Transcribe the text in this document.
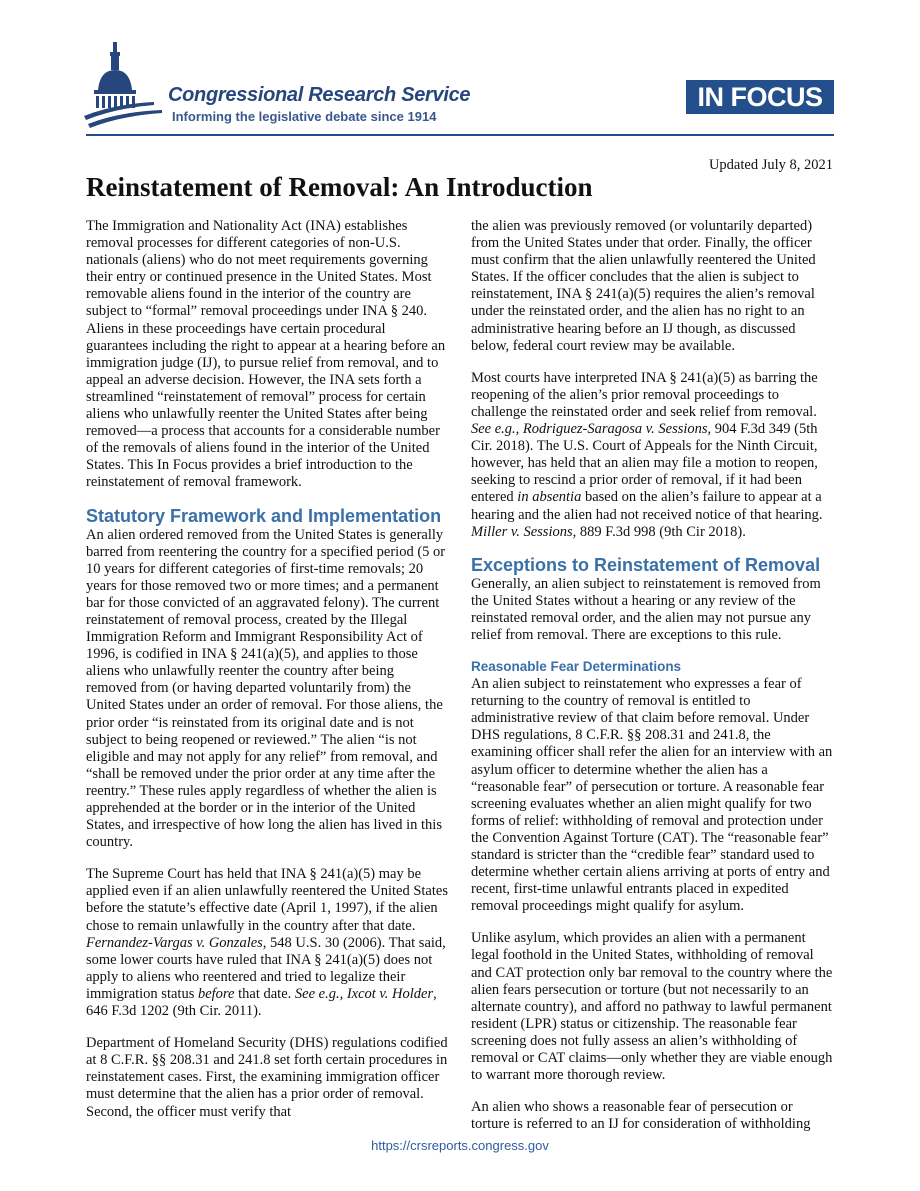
Congressional Research Service

Informing the legislative debate since 1914

IN FOCUS

Updated July 8, 2021

Reinstatement of Removal: An Introduction

The Immigration and Nationality Act (INA) establishes removal processes for different categories of non-U.S. nationals (aliens) who do not meet requirements governing their entry or continued presence in the United States. Most removable aliens found in the interior of the country are subject to “formal” removal proceedings under INA § 240. Aliens in these proceedings have certain procedural guarantees including the right to appear at a hearing before an immigration judge (IJ), to pursue relief from removal, and to appeal an adverse decision. However, the INA sets forth a streamlined “reinstatement of removal” process for certain aliens who unlawfully reenter the United States after being removed—a process that accounts for a considerable number of the removals of aliens found in the interior of the United States. This In Focus provides a brief introduction to the reinstatement of removal framework.

Statutory Framework and Implementation

An alien ordered removed from the United States is generally barred from reentering the country for a specified period (5 or 10 years for different categories of first-time removals; 20 years for those removed two or more times; and a permanent bar for those convicted of an aggravated felony). The current reinstatement of removal process, created by the Illegal Immigration Reform and Immigrant Responsibility Act of 1996, is codified in INA § 241(a)(5), and applies to those aliens who unlawfully reenter the country after being removed from (or having departed voluntarily from) the United States under an order of removal. For those aliens, the prior order “is reinstated from its original date and is not subject to being reopened or reviewed.” The alien “is not eligible and may not apply for any relief” from removal, and “shall be removed under the prior order at any time after the reentry.” These rules apply regardless of whether the alien is apprehended at the border or in the interior of the United States, and irrespective of how long the alien has lived in this country.

The Supreme Court has held that INA § 241(a)(5) may be applied even if an alien unlawfully reentered the United States before the statute’s effective date (April 1, 1997), if the alien chose to remain unlawfully in the country after that date. Fernandez-Vargas v. Gonzales, 548 U.S. 30 (2006). That said, some lower courts have ruled that INA § 241(a)(5) does not apply to aliens who reentered and tried to legalize their immigration status before that date. See e.g., Ixcot v. Holder, 646 F.3d 1202 (9th Cir. 2011).

Department of Homeland Security (DHS) regulations codified at 8 C.F.R. §§ 208.31 and 241.8 set forth certain procedures in reinstatement cases. First, the examining immigration officer must determine that the alien has a prior order of removal. Second, the officer must verify that

the alien was previously removed (or voluntarily departed) from the United States under that order. Finally, the officer must confirm that the alien unlawfully reentered the United States. If the officer concludes that the alien is subject to reinstatement, INA § 241(a)(5) requires the alien’s removal under the reinstated order, and the alien has no right to an administrative hearing before an IJ though, as discussed below, federal court review may be available.

Most courts have interpreted INA § 241(a)(5) as barring the reopening of the alien’s prior removal proceedings to challenge the reinstated order and seek relief from removal. See e.g., Rodriguez-Saragosa v. Sessions, 904 F.3d 349 (5th Cir. 2018). The U.S. Court of Appeals for the Ninth Circuit, however, has held that an alien may file a motion to reopen, seeking to rescind a prior order of removal, if it had been entered in absentia based on the alien’s failure to appear at a hearing and the alien had not received notice of that hearing. Miller v. Sessions, 889 F.3d 998 (9th Cir 2018).

Exceptions to Reinstatement of Removal

Generally, an alien subject to reinstatement is removed from the United States without a hearing or any review of the reinstated removal order, and the alien may not pursue any relief from removal. There are exceptions to this rule.

Reasonable Fear Determinations

An alien subject to reinstatement who expresses a fear of returning to the country of removal is entitled to administrative review of that claim before removal. Under DHS regulations, 8 C.F.R. §§ 208.31 and 241.8, the examining officer shall refer the alien for an interview with an asylum officer to determine whether the alien has a “reasonable fear” of persecution or torture. A reasonable fear screening evaluates whether an alien might qualify for two forms of relief: withholding of removal and protection under the Convention Against Torture (CAT). The “reasonable fear” standard is stricter than the “credible fear” standard used to determine whether certain aliens arriving at ports of entry and recent, first-time unlawful entrants placed in expedited removal proceedings might qualify for asylum.

Unlike asylum, which provides an alien with a permanent legal foothold in the United States, withholding of removal and CAT protection only bar removal to the country where the alien fears persecution or torture (but not necessarily to an alternate country), and afford no pathway to lawful permanent resident (LPR) status or citizenship. The reasonable fear screening does not fully assess an alien’s withholding of removal or CAT claims—only whether they are viable enough to warrant more thorough review.

An alien who shows a reasonable fear of persecution or torture is referred to an IJ for consideration of withholding

https://crsreports.congress.gov
